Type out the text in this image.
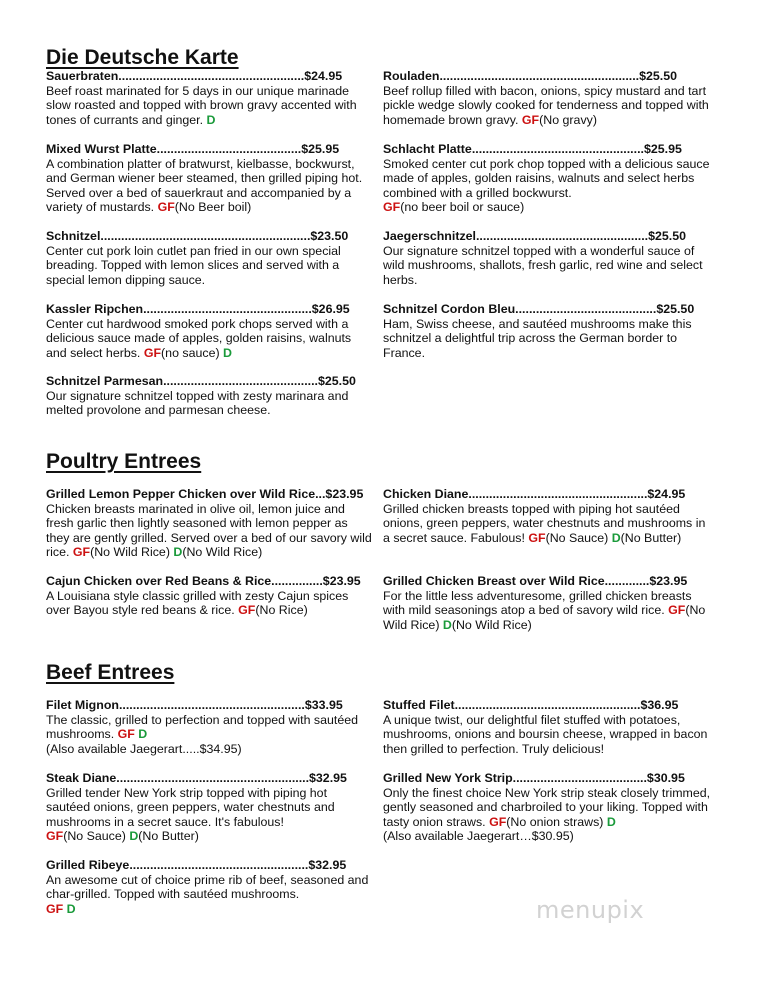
Die Deutsche Karte
Sauerbraten......................................................$24.95
Beef roast marinated for 5 days in our unique marinade slow roasted and topped with brown gravy accented with tones of currants and ginger. D
Rouladen..........................................................$25.50
Beef rollup filled with bacon, onions, spicy mustard and tart pickle wedge slowly cooked for tenderness and topped with homemade brown gravy. GF(No gravy)
Mixed Wurst Platte..........................................$25.95
A combination platter of bratwurst, kielbasse, bockwurst, and German wiener beer steamed, then grilled piping hot. Served over a bed of sauerkraut and accompanied by a variety of mustards. GF(No Beer boil)
Schlacht Platte..................................................$25.95
Smoked center cut pork chop topped with a delicious sauce made of apples, golden raisins, walnuts and select herbs combined with a grilled bockwurst.
GF(no beer boil or sauce)
Schnitzel.............................................................$23.50
Center cut pork loin cutlet pan fried in our own special breading. Topped with lemon slices and served with a special lemon dipping sauce.
Jaegerschnitzel..................................................$25.50
Our signature schnitzel topped with a wonderful sauce of wild mushrooms, shallots, fresh garlic, red wine and select herbs.
Kassler Ripchen.................................................$26.95
Center cut hardwood smoked pork chops served with a delicious sauce made of apples, golden raisins, walnuts and select herbs. GF(no sauce) D
Schnitzel Cordon Bleu.........................................$25.50
Ham, Swiss cheese, and sautéed mushrooms make this schnitzel a delightful trip across the German border to France.
Schnitzel Parmesan.............................................$25.50
Our signature schnitzel topped with zesty marinara and melted provolone and parmesan cheese.
Poultry Entrees
Grilled Lemon Pepper Chicken over Wild Rice...$23.95
Chicken breasts marinated in olive oil, lemon juice and fresh garlic then lightly seasoned with lemon pepper as they are gently grilled. Served over a bed of our savory wild rice. GF(No Wild Rice) D(No Wild Rice)
Chicken Diane....................................................$24.95
Grilled chicken breasts topped with piping hot sautéed onions, green peppers, water chestnuts and mushrooms in a secret sauce. Fabulous! GF(No Sauce) D(No Butter)
Cajun Chicken over Red Beans & Rice...............$23.95
A Louisiana style classic grilled with zesty Cajun spices over Bayou style red beans & rice. GF(No Rice)
Grilled Chicken Breast over Wild Rice.............$23.95
For the little less adventuresome, grilled chicken breasts with mild seasonings atop a bed of savory wild rice. GF(No Wild Rice) D(No Wild Rice)
Beef Entrees
Filet Mignon......................................................$33.95
The classic, grilled to perfection and topped with sautéed mushrooms. GF D
(Also available Jaegerart.....$34.95)
Stuffed Filet......................................................$36.95
A unique twist, our delightful filet stuffed with potatoes, mushrooms, onions and boursin cheese, wrapped in bacon then grilled to perfection. Truly delicious!
Steak Diane........................................................$32.95
Grilled tender New York strip topped with piping hot sautéed onions, green peppers, water chestnuts and mushrooms in a secret sauce. It's fabulous!
GF(No Sauce) D(No Butter)
Grilled New York Strip.......................................$30.95
Only the finest choice New York strip steak closely trimmed, gently seasoned and charbroiled to your liking. Topped with tasty onion straws. GF(No onion straws) D
(Also available Jaegerart…$30.95)
Grilled Ribeye....................................................$32.95
An awesome cut of choice prime rib of beef, seasoned and char-grilled. Topped with sautéed mushrooms.
GF D	menupix
